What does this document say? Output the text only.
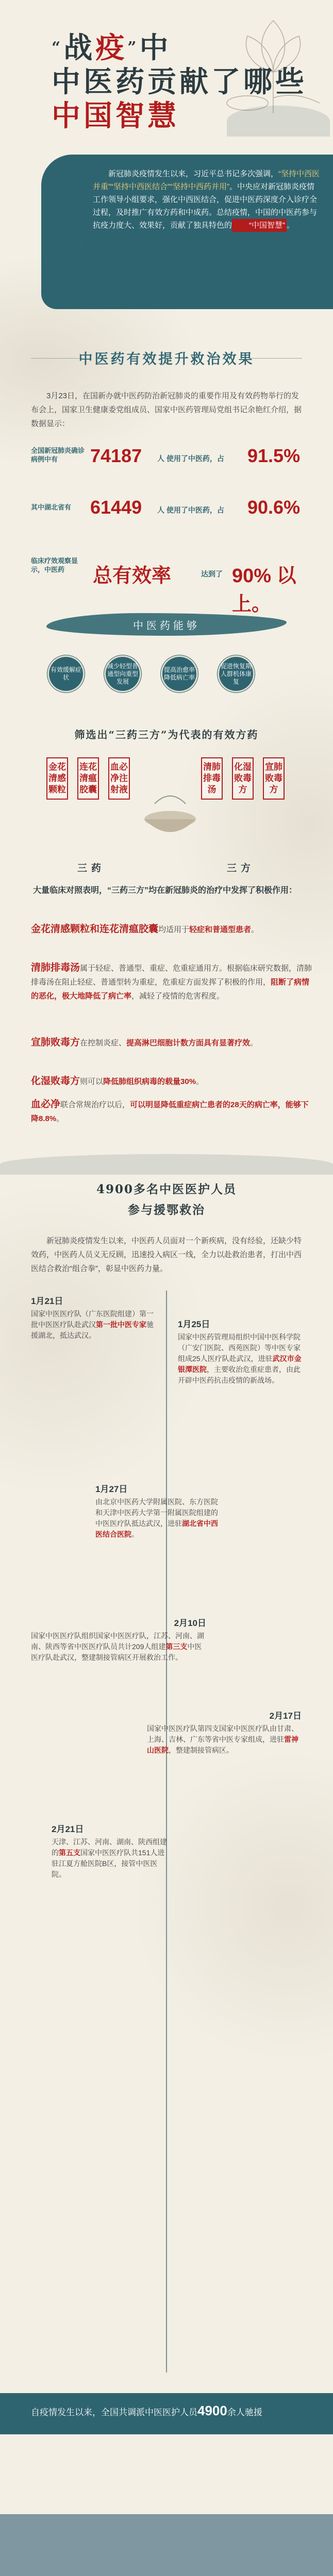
“战疫”中
中医药贡献了哪些
中国智慧
新冠肺炎疫情发生以来，习近平总书记多次强调，“坚持中西医并重”“坚持中西医结合”“坚持中西药并用”。中央应对新冠肺炎疫情工作领导小组要求，强化中西医结合，促进中医药深度介入诊疗全过程，及时推广有效方药和中成药。总结疫情，中国的中医药参与抗疫力度大、效果好，贡献了独具特色的 “中国智慧” 。
中医药有效提升救治效果
3月23日，在国新办就中医药防治新冠肺炎的重要作用及有效药物举行的发布会上，国家卫生健康委党组成员、国家中医药管理局党组书记余艳红介绍，据数据显示：
全国新冠肺炎确诊病例中有	74187 人 使用了中医药，占 91.5%
其中湖北省有	61449 人 使用了中医药，占 90.6%
临床疗效观察显示，中医药	总有效率	达到了 90% 以上。
中医药能够
有效缓解症状
减少轻型普通型向重型发展
提高治愈率降低病亡率
促进恢复期人群机体康复
筛选出“三药三方”为代表的有效方药
金花清感颗粒
连花清瘟胶囊
血必净注射液
清肺排毒汤
化湿败毒方
宣肺败毒方
三药	三方
大量临床对照表明，“三药三方”均在新冠肺炎的治疗中发挥了积极作用：
金花清感颗粒和连花清瘟胶囊均适用于轻症和普通型患者。
清肺排毒汤属于轻症、普通型、重症、危重症通用方。根据临床研究数据，清肺排毒汤在阻止轻症、普通型转为重症，危重症方面发挥了积极的作用，阻断了病情的恶化，极大地降低了病亡率，减轻了疫情的危害程度。
宣肺败毒方在控制炎症、提高淋巴细胞计数方面具有显著疗效。
化湿败毒方则可以降低肺组织病毒的载量30%。
血必净联合常规治疗以后，可以明显降低重症病亡患者的28天的病亡率，能够下降8.8%。
4900多名中医医护人员
参与援鄂救治
新冠肺炎疫情发生以来，中医药人员面对一个新疾病，没有经验，还缺少特效药，中医药人员义无反顾，迅速投入病区一线，全力以赴救治患者，打出中西医结合救治“组合拳”，彰显中医药力量。
1月21日
国家中医医疗队（广东医院组建）第一批中医医疗队赴武汉第一批中医专家驰援湖北，抵达武汉。
1月25日
国家中医药管理局组织中国中医科学院（广安门医院、西苑医院）等中医专家组成25人医疗队赴武汉，进驻武汉市金银潭医院，主要收治危重症患者，由此开辟中医药抗击疫情的新战场。
1月27日
由北京中医药大学附属医院、东方医院和天津中医药大学第一附属医院组建的中医医疗队抵达武汉，进驻湖北省中西医结合医院。
2月10日
国家中医医疗队组织国家中医医疗队，江苏、河南、湖南、陕西等省中医医疗队员共计209人组建第三支中医医疗队赴武汉，整建制接管病区开展救治工作。
2月17日
国家中医医疗队第四支国家中医医疗队由甘肃、上海、吉林、广东等省中医专家组成，进驻雷神山医院，整建制接管病区。
2月21日
天津、江苏、河南、湖南、陕西组建的第五支国家中医医疗队共151人进驻江夏方舱医院B区，接管中医医院。
自疫情发生以来，全国共调派中医医护人员4900余人驰援
